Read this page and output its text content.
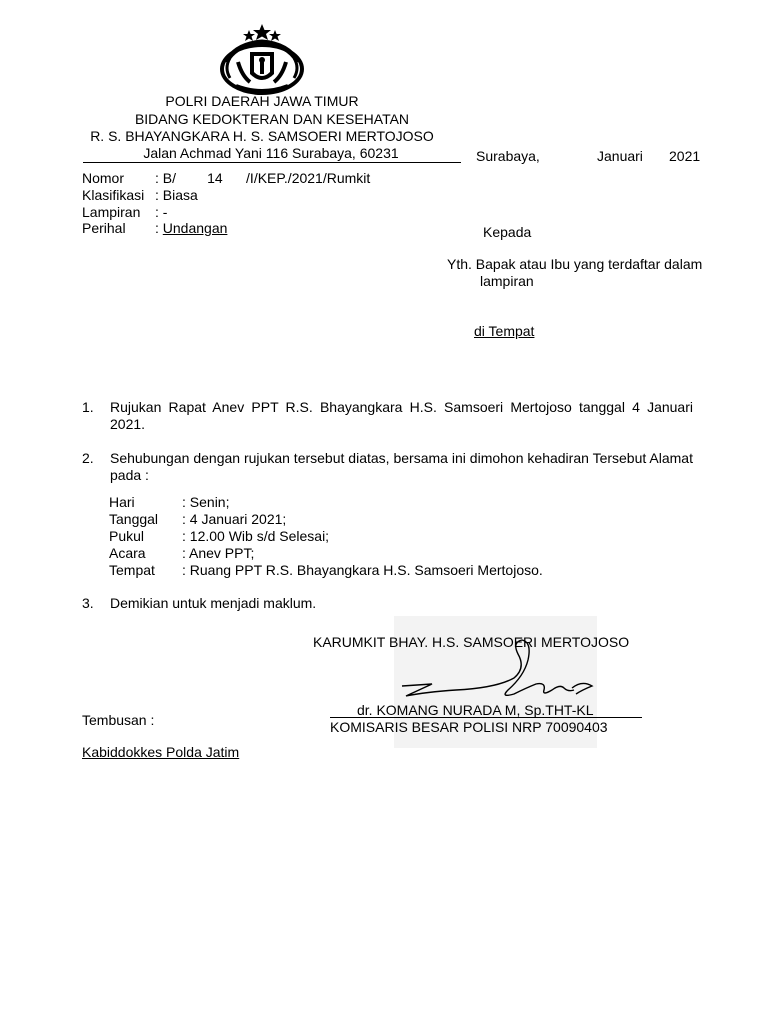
POLRI DAERAH JAWA TIMUR
BIDANG KEDOKTERAN DAN KESEHATAN
R. S. BHAYANGKARA H. S. SAMSOERI MERTOJOSO
Jalan Achmad Yani 116 Surabaya, 60231	Surabaya,	Januari 2021
Nomor : B/        14      /I/KEP./2021/Rumkit
Klasifikasi : Biasa
Lampiran : -
Perihal : Undangan	Kepada
Yth. Bapak atau Ibu yang terdaftar dalam
lampiran
di Tempat
1. Rujukan Rapat Anev PPT R.S. Bhayangkara H.S. Samsoeri Mertojoso tanggal 4 Januari 2021.
2. Sehubungan dengan rujukan tersebut diatas, bersama ini dimohon kehadiran Tersebut Alamat pada :
Hari	: Senin;
Tanggal : 4 Januari 2021;
Pukul	: 12.00 Wib s/d Selesai;
Acara	: Anev PPT;
Tempat : Ruang PPT R.S. Bhayangkara H.S. Samsoeri Mertojoso.
3. Demikian untuk menjadi maklum.
KARUMKIT BHAY. H.S. SAMSOERI MERTOJOSO
dr. KOMANG NURADA M, Sp.THT-KL
KOMISARIS BESAR POLISI NRP 70090403
Tembusan :
Kabiddokkes Polda Jatim
